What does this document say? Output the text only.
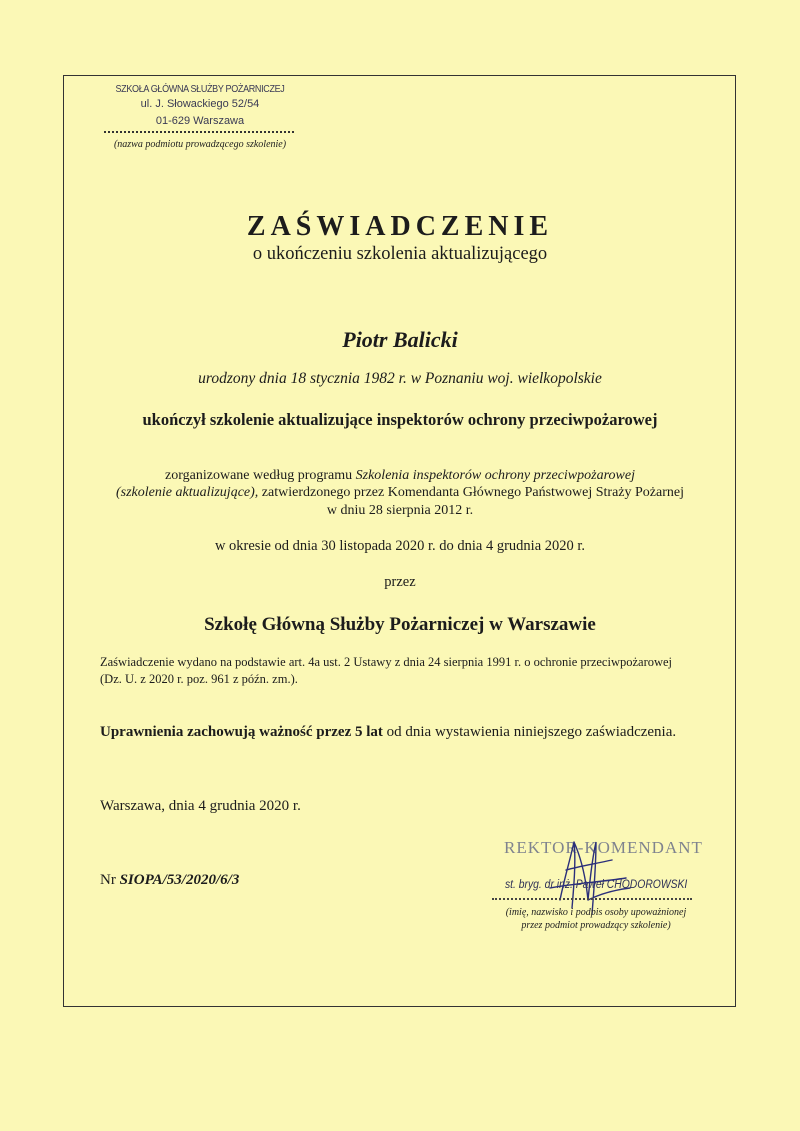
SZKOŁA GŁÓWNA SŁUŻBY POŻARNICZEJ
ul. J. Słowackiego 52/54
01-629 Warszawa
(nazwa podmiotu prowadzącego szkolenie)
ZAŚWIADCZENIE
o ukończeniu szkolenia aktualizującego
Piotr Balicki
urodzony dnia 18 stycznia 1982 r. w Poznaniu woj. wielkopolskie
ukończył szkolenie aktualizujące inspektorów ochrony przeciwpożarowej
zorganizowane według programu Szkolenia inspektorów ochrony przeciwpożarowej
(szkolenie aktualizujące), zatwierdzonego przez Komendanta Głównego Państwowej Straży Pożarnej
w dniu 28 sierpnia 2012 r.
w okresie od dnia 30 listopada 2020 r. do dnia 4 grudnia 2020 r.
przez
Szkołę Główną Służby Pożarniczej w Warszawie
Zaświadczenie wydano na podstawie art. 4a ust. 2 Ustawy z dnia 24 sierpnia 1991 r. o ochronie przeciwpożarowej
(Dz. U. z 2020 r. poz. 961 z późn. zm.).
Uprawnienia zachowują ważność przez 5 lat od dnia wystawienia niniejszego zaświadczenia.
Warszawa, dnia 4 grudnia 2020 r.
Nr SIOPA/53/2020/6/3
REKTOR-KOMENDANT
st. bryg. dr inż. Paweł CHODOROWSKI
(imię, nazwisko i podpis osoby upoważnionej
przez podmiot prowadzący szkolenie)
